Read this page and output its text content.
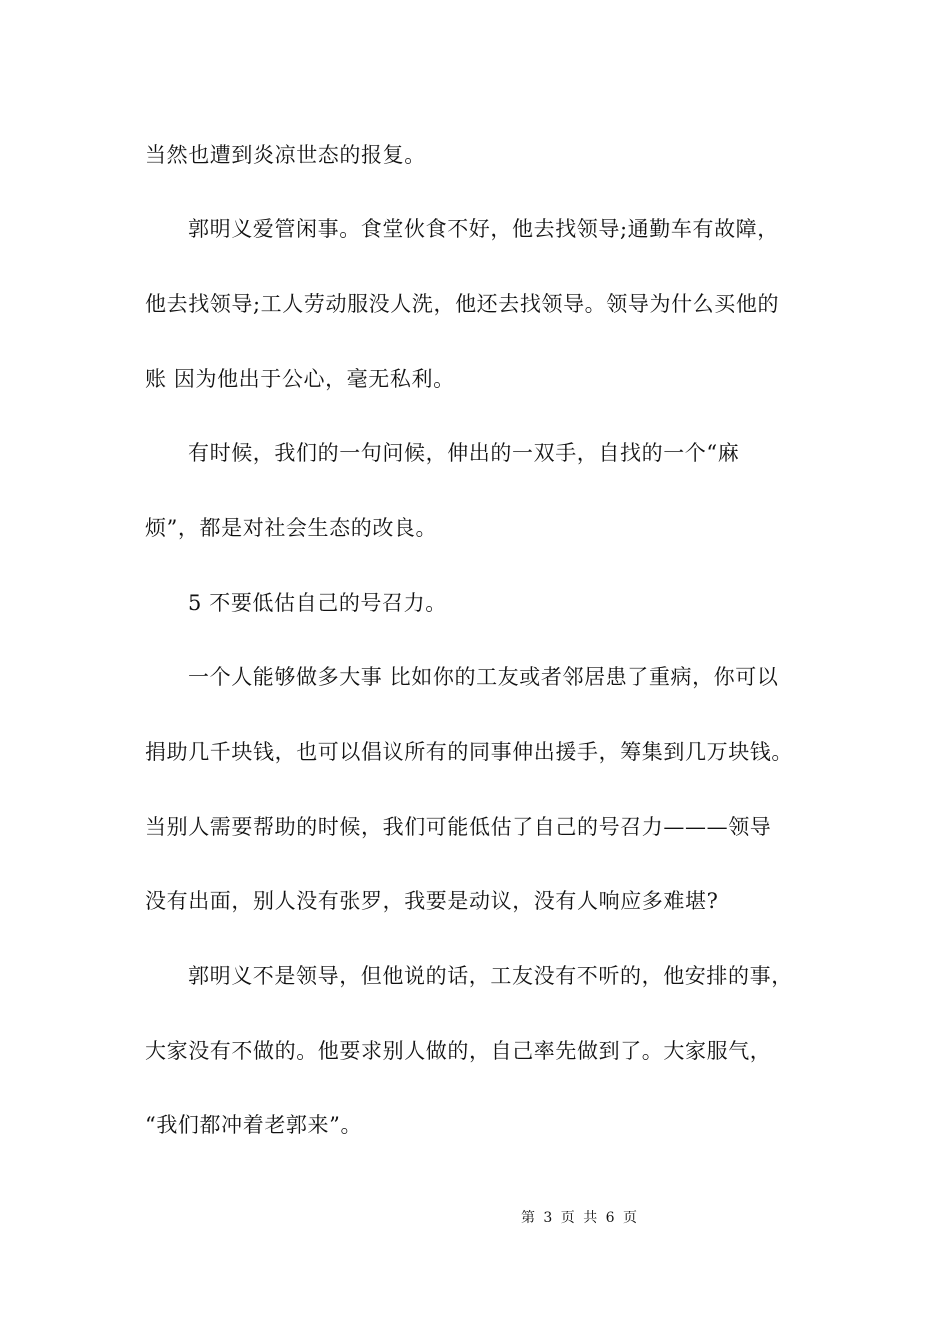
当然也遭到炎凉世态的报复。
郭明义爱管闲事。食堂伙食不好，他去找领导;通勤车有故障，
他去找领导;工人劳动服没人洗，他还去找领导。领导为什么买他的
账 因为他出于公心，毫无私利。
有时候，我们的一句问候，伸出的一双手，自找的一个“麻
烦”，都是对社会生态的改良。
5 不要低估自己的号召力。
一个人能够做多大事 比如你的工友或者邻居患了重病，你可以
捐助几千块钱，也可以倡议所有的同事伸出援手，筹集到几万块钱。
当别人需要帮助的时候，我们可能低估了自己的号召力———领导
没有出面，别人没有张罗，我要是动议，没有人响应多难堪?
郭明义不是领导，但他说的话，工友没有不听的，他安排的事，
大家没有不做的。他要求别人做的，自己率先做到了。大家服气，
“我们都冲着老郭来”。
第 3 页 共 6 页
